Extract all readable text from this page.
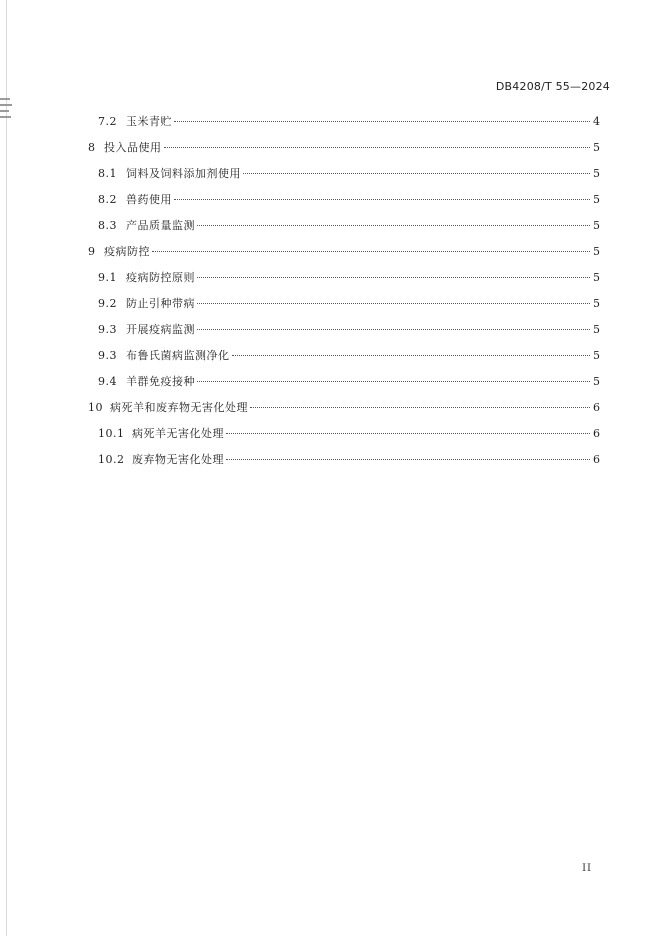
DB4208/T 55—2024
7.2 玉米青贮	4
8 投入品使用	5
8.1 饲料及饲料添加剂使用	5
8.2 兽药使用	5
8.3 产品质量监测	5
9 疫病防控	5
9.1 疫病防控原则	5
9.2 防止引种带病	5
9.3 开展疫病监测	5
9.3 布鲁氏菌病监测净化	5
9.4 羊群免疫接种	5
10 病死羊和废弃物无害化处理	6
10.1 病死羊无害化处理	6
10.2 废弃物无害化处理	6
II
